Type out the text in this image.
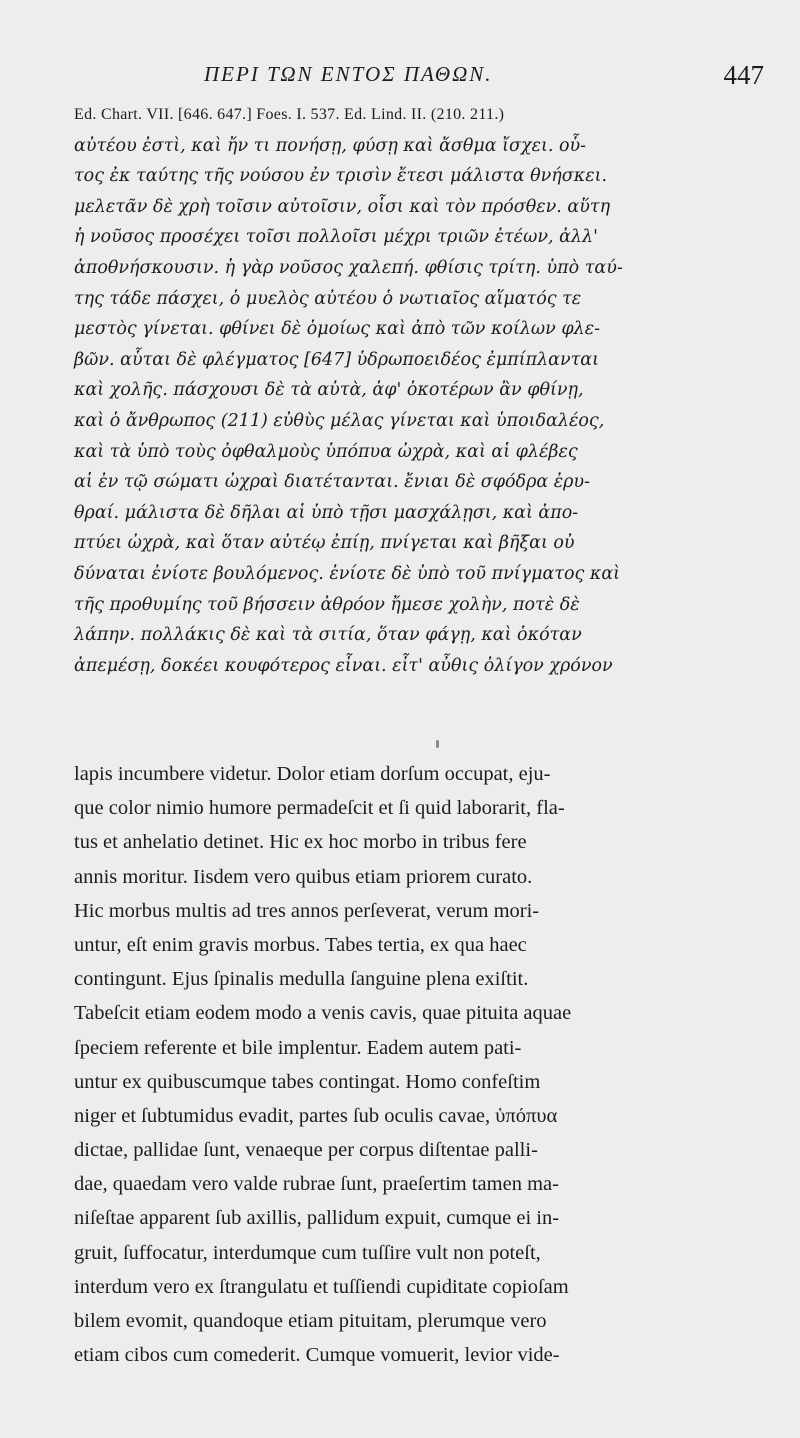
ΠΕΡΙ ΤΩΝ ΕΝΤΟΣ ΠΑΘΩΝ.	447
Ed. Chart. VII. [646. 647.] Foes. I. 537. Ed. Lind. II. (210. 211.)
αὐτέου ἐστὶ, καὶ ἤν τι πονήσῃ, φύσῃ καὶ ἄσθμα ἴσχει. οὗ-
τος ἐκ ταύτης τῆς νούσου ἐν τρισὶν ἔτεσι μάλιστα θνήσκει.
μελετᾶν δὲ χρὴ τοῖσιν αὐτοῖσιν, οἷσι καὶ τὸν πρόσθεν. αὕτη
ἡ νοῦσος προσέχει τοῖσι πολλοῖσι μέχρι τριῶν ἐτέων, ἀλλ'
ἀποθνήσκουσιν. ἡ γὰρ νοῦσος χαλεπή. φθίσις τρίτη. ὑπὸ ταύ-
της τάδε πάσχει, ὁ μυελὸς αὐτέου ὁ νωτιαῖος αἵματός τε
μεστὸς γίνεται. φθίνει δὲ ὁμοίως καὶ ἀπὸ τῶν κοίλων φλε-
βῶν. αὗται δὲ φλέγματος [647] ὑδρωποειδέος ἐμπίπλανται
καὶ χολῆς. πάσχουσι δὲ τὰ αὐτὰ, ἀφ' ὁκοτέρων ἂν φθίνῃ,
καὶ ὁ ἄνθρωπος (211) εὐθὺς μέλας γίνεται καὶ ὑποιδαλέος,
καὶ τὰ ὑπὸ τοὺς ὀφθαλμοὺς ὑπόπυα ὠχρὰ, καὶ αἱ φλέβες
αἱ ἐν τῷ σώματι ὠχραὶ διατέτανται. ἔνιαι δὲ σφόδρα ἐρυ-
θραί. μάλιστα δὲ δῆλαι αἱ ὑπὸ τῇσι μασχάλῃσι, καὶ ἀπο-
πτύει ὠχρὰ, καὶ ὅταν αὐτέῳ ἐπίῃ, πνίγεται καὶ βῆξαι οὐ
δύναται ἐνίοτε βουλόμενος. ἐνίοτε δὲ ὑπὸ τοῦ πνίγματος καὶ
τῆς προθυμίης τοῦ βήσσειν ἀθρόον ἤμεσε χολὴν, ποτὲ δὲ
λάπην. πολλάκις δὲ καὶ τὰ σιτία, ὅταν φάγῃ, καὶ ὁκόταν
ἀπεμέσῃ, δοκέει κουφότερος εἶναι. εἶτ' αὖθις ὀλίγον χρόνον
lapis incumbere videtur. Dolor etiam dorſum occupat, eju-
que color nimio humore permadeſcit et ſi quid laborarit, fla-
tus et anhelatio detinet. Hic ex hoc morbo in tribus fere
annis moritur. Iisdem vero quibus etiam priorem curato.
Hic morbus multis ad tres annos perſeverat, verum mori-
untur, eſt enim gravis morbus. Tabes tertia, ex qua haec
contingunt. Ejus ſpinalis medulla ſanguine plena exiſtit.
Tabeſcit etiam eodem modo a venis cavis, quae pituita aquae
ſpeciem referente et bile implentur. Eadem autem pati-
untur ex quibuscumque tabes contingat. Homo confeſtim
niger et ſubtumidus evadit, partes ſub oculis cavae, ὑπόπυα
dictae, pallidae ſunt, venaeque per corpus diſtentae palli-
dae, quaedam vero valde rubrae ſunt, praeſertim tamen ma-
niſeſtae apparent ſub axillis, pallidum expuit, cumque ei in-
gruit, ſuffocatur, interdumque cum tuſſire vult non poteſt,
interdum vero ex ſtrangulatu et tuſſiendi cupiditate copioſam
bilem evomit, quandoque etiam pituitam, plerumque vero
etiam cibos cum comederit. Cumque vomuerit, levior vide-
